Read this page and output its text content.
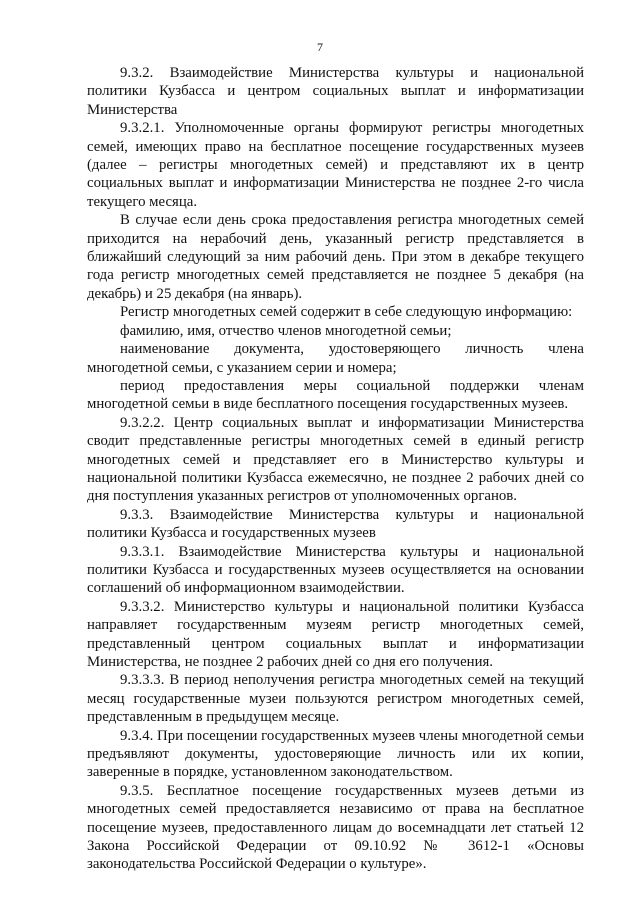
7

9.3.2. Взаимодействие Министерства культуры и национальной политики Кузбасса и центром социальных выплат и информатизации Министерства

9.3.2.1. Уполномоченные органы формируют регистры многодетных семей, имеющих право на бесплатное посещение государственных музеев (далее – регистры многодетных семей) и представляют их в центр социальных выплат и информатизации Министерства не позднее 2-го числа текущего месяца.

В случае если день срока предоставления регистра многодетных семей приходится на нерабочий день, указанный регистр представляется в ближайший следующий за ним рабочий день. При этом в декабре текущего года регистр многодетных семей представляется не позднее 5 декабря (на декабрь) и 25 декабря (на январь).

Регистр многодетных семей содержит в себе следующую информацию:

фамилию, имя, отчество членов многодетной семьи;

наименование документа, удостоверяющего личность члена многодетной семьи, с указанием серии и номера;

период предоставления меры социальной поддержки членам многодетной семьи в виде бесплатного посещения государственных музеев.

9.3.2.2. Центр социальных выплат и информатизации Министерства сводит представленные регистры многодетных семей в единый регистр многодетных семей и представляет его в Министерство культуры и национальной политики Кузбасса ежемесячно, не позднее 2 рабочих дней со дня поступления указанных регистров от уполномоченных органов.

9.3.3. Взаимодействие Министерства культуры и национальной политики Кузбасса и государственных музеев

9.3.3.1. Взаимодействие Министерства культуры и национальной политики Кузбасса и государственных музеев осуществляется на основании соглашений об информационном взаимодействии.

9.3.3.2. Министерство культуры и национальной политики Кузбасса направляет государственным музеям регистр многодетных семей, представленный центром социальных выплат и информатизации Министерства, не позднее 2 рабочих дней со дня его получения.

9.3.3.3. В период неполучения регистра многодетных семей на текущий месяц государственные музеи пользуются регистром многодетных семей, представленным в предыдущем месяце.

9.3.4. При посещении государственных музеев члены многодетной семьи предъявляют документы, удостоверяющие личность или их копии, заверенные в порядке, установленном законодательством.

9.3.5. Бесплатное посещение государственных музеев детьми из многодетных семей предоставляется независимо от права на бесплатное посещение музеев, предоставленного лицам до восемнадцати лет статьей 12 Закона Российской Федерации от 09.10.92 № 3612-1 «Основы законодательства Российской Федерации о культуре».
